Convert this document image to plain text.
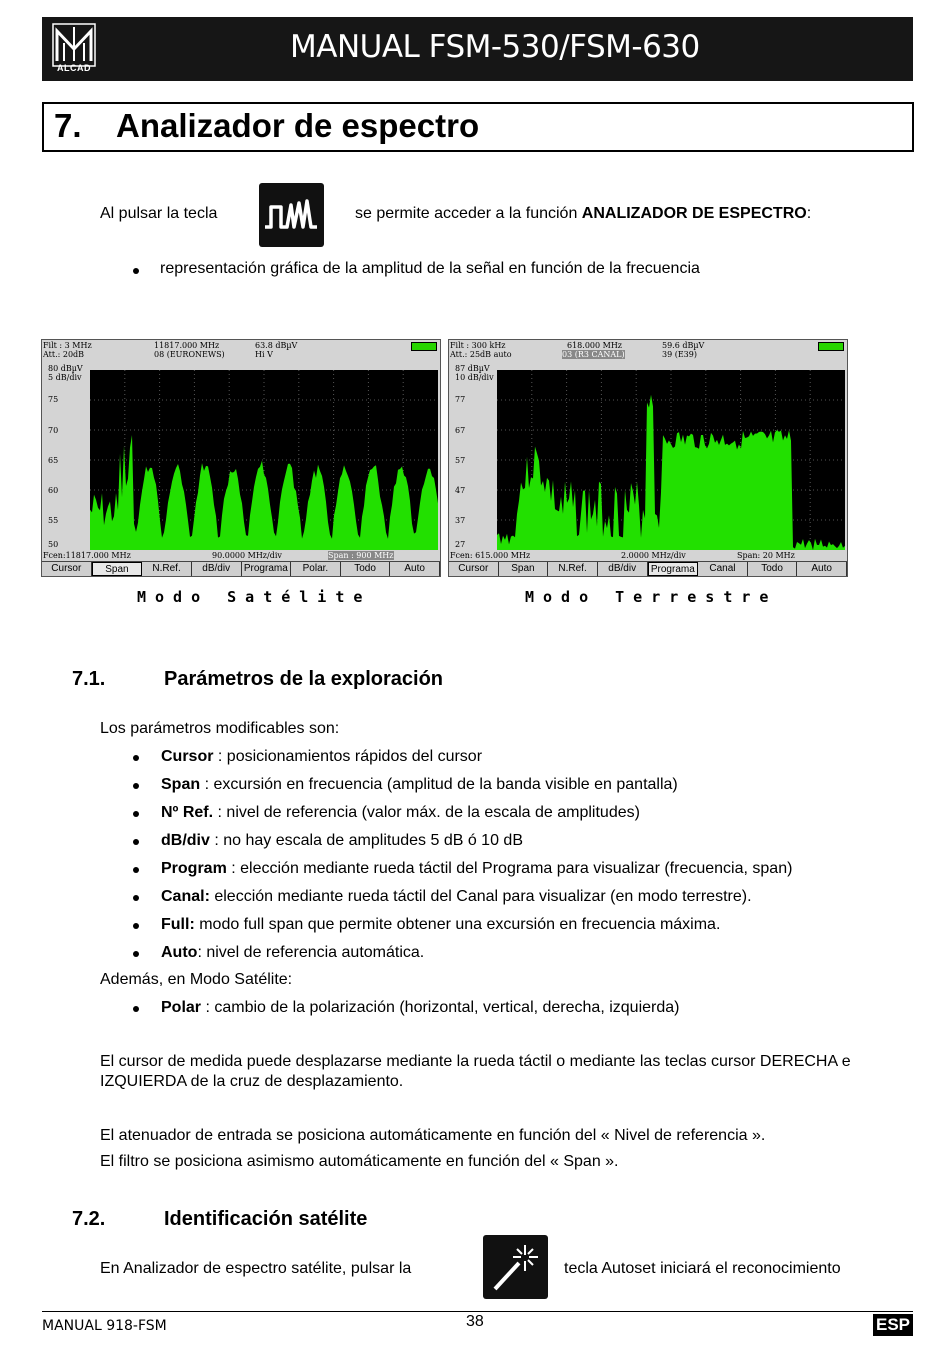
ALCAD
MANUAL FSM-530/FSM-630
7. Analizador de espectro
Al pulsar la tecla	se permite acceder a la función ANALIZADOR DE ESPECTRO:
representación gráfica de la amplitud de la señal en función de la frecuencia
Filt : 3 MHz	11817.000 MHz	63.8 dBµV
Att.: 20dB	08 (EURONEWS)	Hi V
80 dBµV
5 dB/div
75
70
65
60
55
50
Fcen:11817.000 MHz	90.0000 MHz/div	Span : 900 MHz
Cursor	Span	N.Ref.	dB/div	Programa	Polar.	Todo	Auto
Modo Satélite
Filt : 300 kHz	618.000 MHz	59.6 dBµV
Att.: 25dB auto	03 (R3 CANAL)	39 (E39)
87 dBµV
10 dB/div
77
67
57
47
37
27
Fcen: 615.000 MHz	2.0000 MHz/div	Span: 20 MHz
Cursor	Span	N.Ref.	dB/div	Programa	Canal	Todo	Auto
Modo Terrestre
7.1.	Parámetros de la exploración
Los parámetros modificables son:
Cursor : posicionamientos rápidos del cursor
Span : excursión en frecuencia (amplitud de la banda visible en pantalla)
Nº Ref. : nivel de referencia (valor máx. de la escala de amplitudes)
dB/div : no hay escala de amplitudes 5 dB ó 10 dB
Program : elección mediante rueda táctil del Programa para visualizar (frecuencia, span)
Canal: elección mediante rueda táctil del Canal para visualizar (en modo terrestre).
Full: modo full span que permite obtener una excursión en frecuencia máxima.
Auto: nivel de referencia automática.
Además, en Modo Satélite:
Polar : cambio de la polarización (horizontal, vertical, derecha, izquierda)
El cursor de medida puede desplazarse mediante la rueda táctil o mediante las teclas cursor DERECHA e
IZQUIERDA de la cruz de desplazamiento.
El atenuador de entrada se posiciona automáticamente en función del « Nivel de referencia ».
El filtro se posiciona asimismo automáticamente en función del « Span ».
7.2.	Identificación satélite
En Analizador de espectro satélite, pulsar la	tecla Autoset iniciará el reconocimiento
MANUAL 918-FSM	38	ESP
